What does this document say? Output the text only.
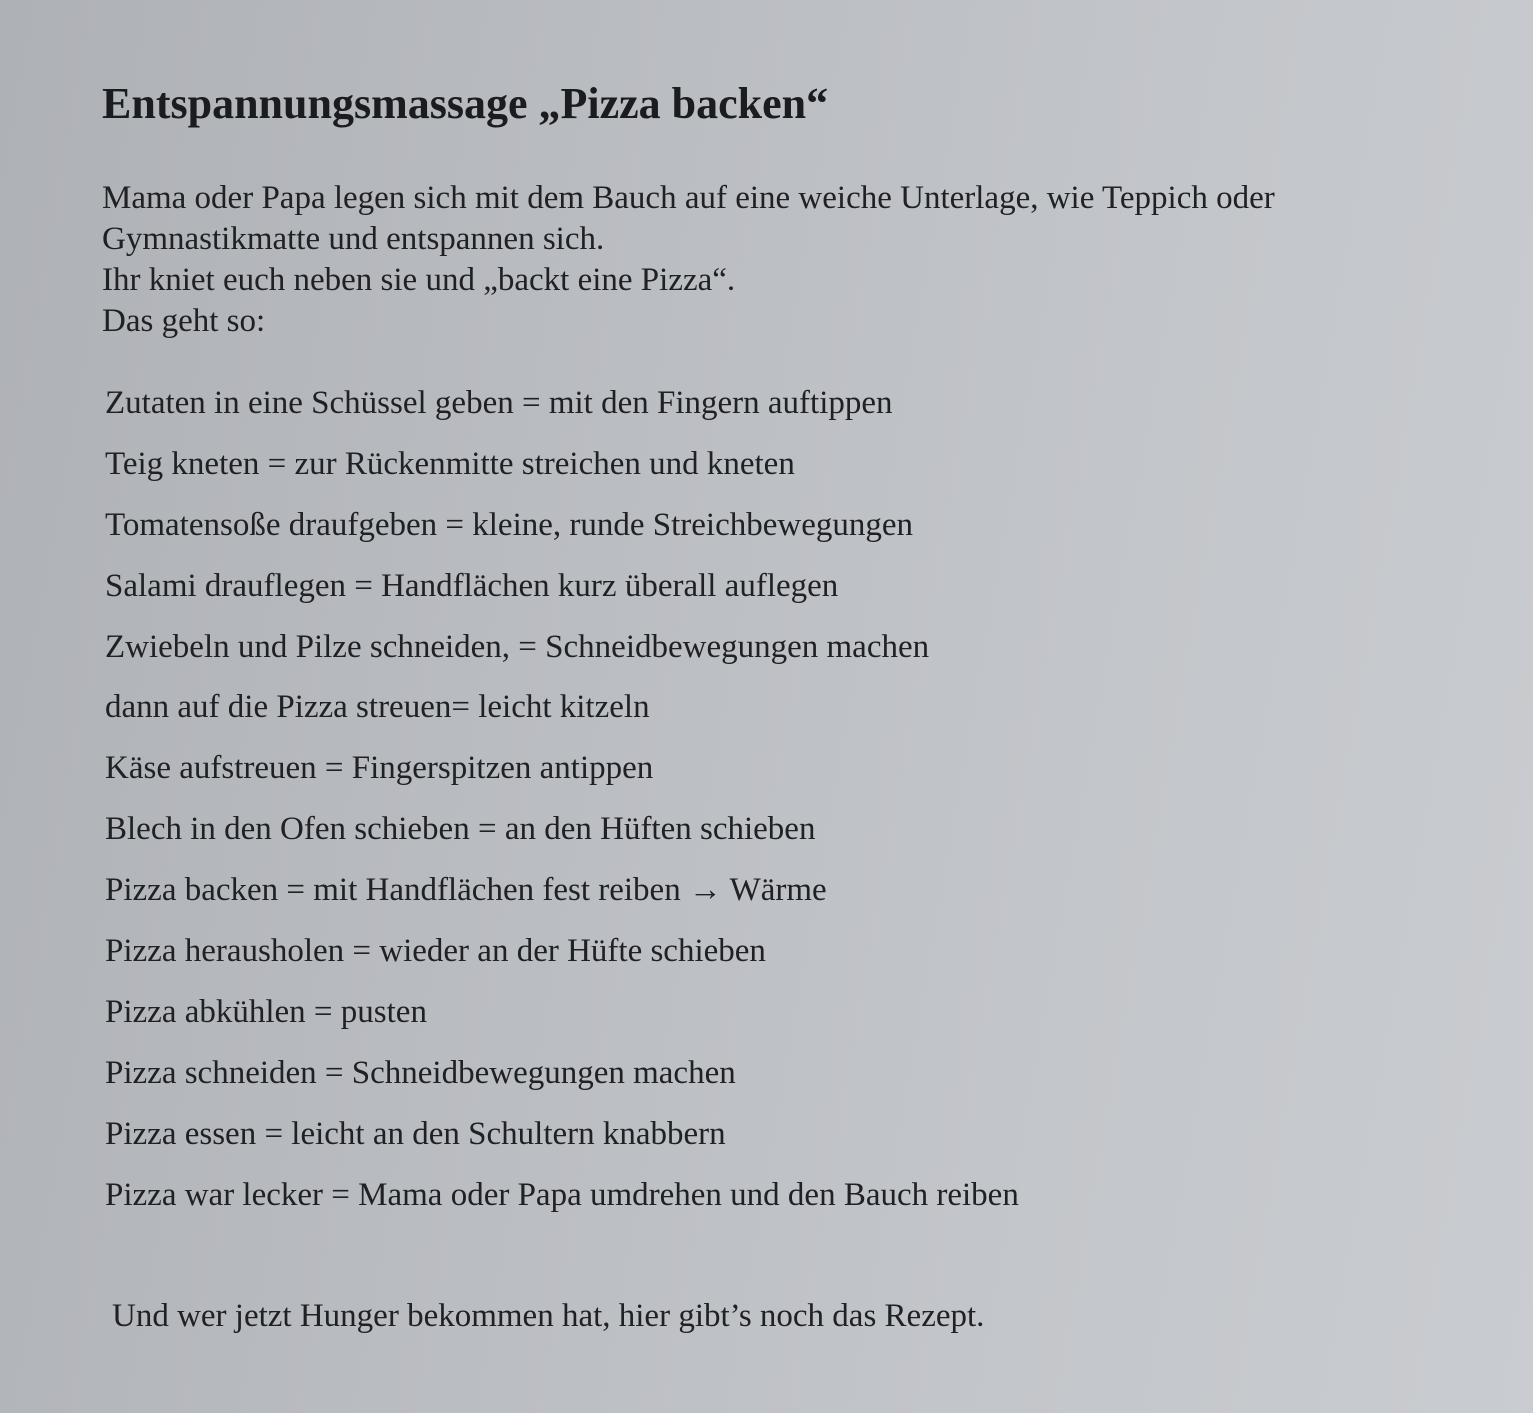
Entspannungsmassage „Pizza backen“
Mama oder Papa legen sich mit dem Bauch auf eine weiche Unterlage, wie Teppich oder
Gymnastikmatte und entspannen sich.
Ihr kniet euch neben sie und „backt eine Pizza“.
Das geht so:
Zutaten in eine Schüssel geben = mit den Fingern auftippen
Teig kneten = zur Rückenmitte streichen und kneten
Tomatensoße draufgeben = kleine, runde Streichbewegungen
Salami drauflegen = Handflächen kurz überall auflegen
Zwiebeln und Pilze schneiden, = Schneidbewegungen machen
dann auf die Pizza streuen= leicht kitzeln
Käse aufstreuen = Fingerspitzen antippen
Blech in den Ofen schieben = an den Hüften schieben
Pizza backen = mit Handflächen fest reiben → Wärme
Pizza herausholen = wieder an der Hüfte schieben
Pizza abkühlen = pusten
Pizza schneiden = Schneidbewegungen machen
Pizza essen = leicht an den Schultern knabbern
Pizza war lecker = Mama oder Papa umdrehen und den Bauch reiben
Und wer jetzt Hunger bekommen hat, hier gibt’s noch das Rezept.
